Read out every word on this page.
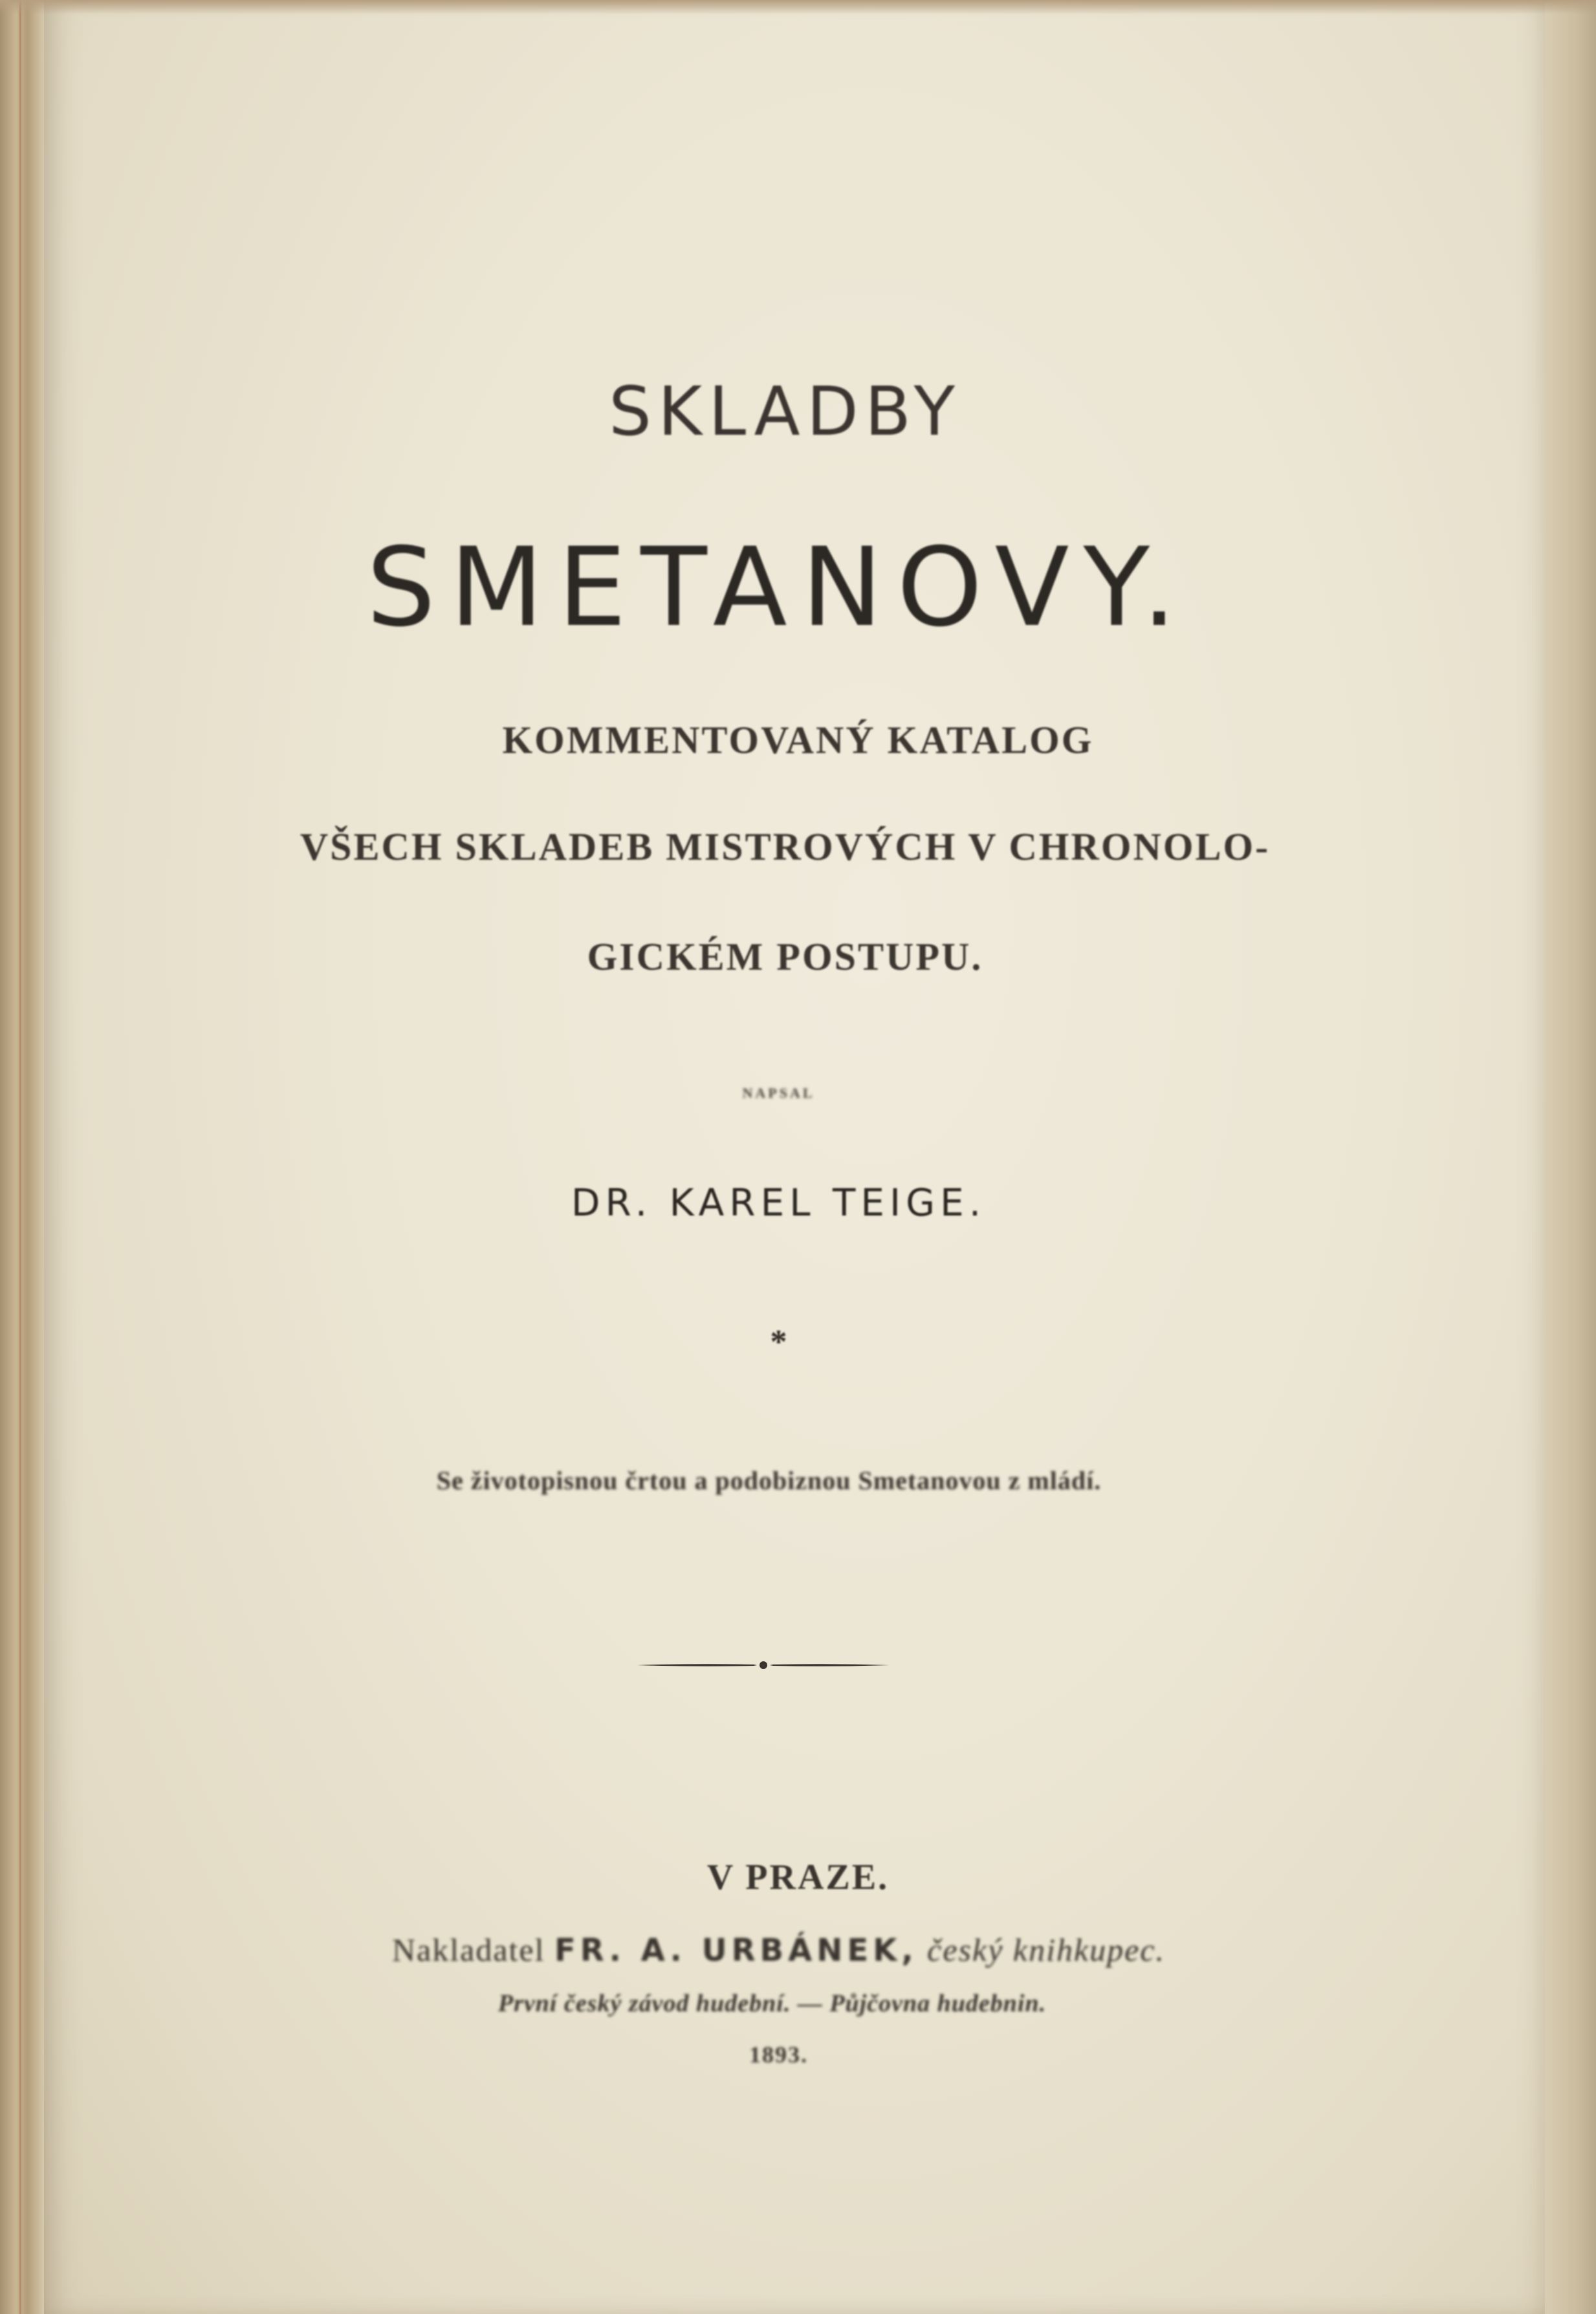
SKLADBY
SMETANOVY.
KOMMENTOVANÝ KATALOG
VŠECH SKLADEB MISTROVÝCH V CHRONOLO-
GICKÉM POSTUPU.
NAPSAL
DR. KAREL TEIGE.
*
Se životopisnou črtou a podobiznou Smetanovou z mládí.
V PRAZE.
Nakladatel FR. A. URBÁNEK, český knihkupec.
První český závod hudební. — Půjčovna hudebnin.
1893.
